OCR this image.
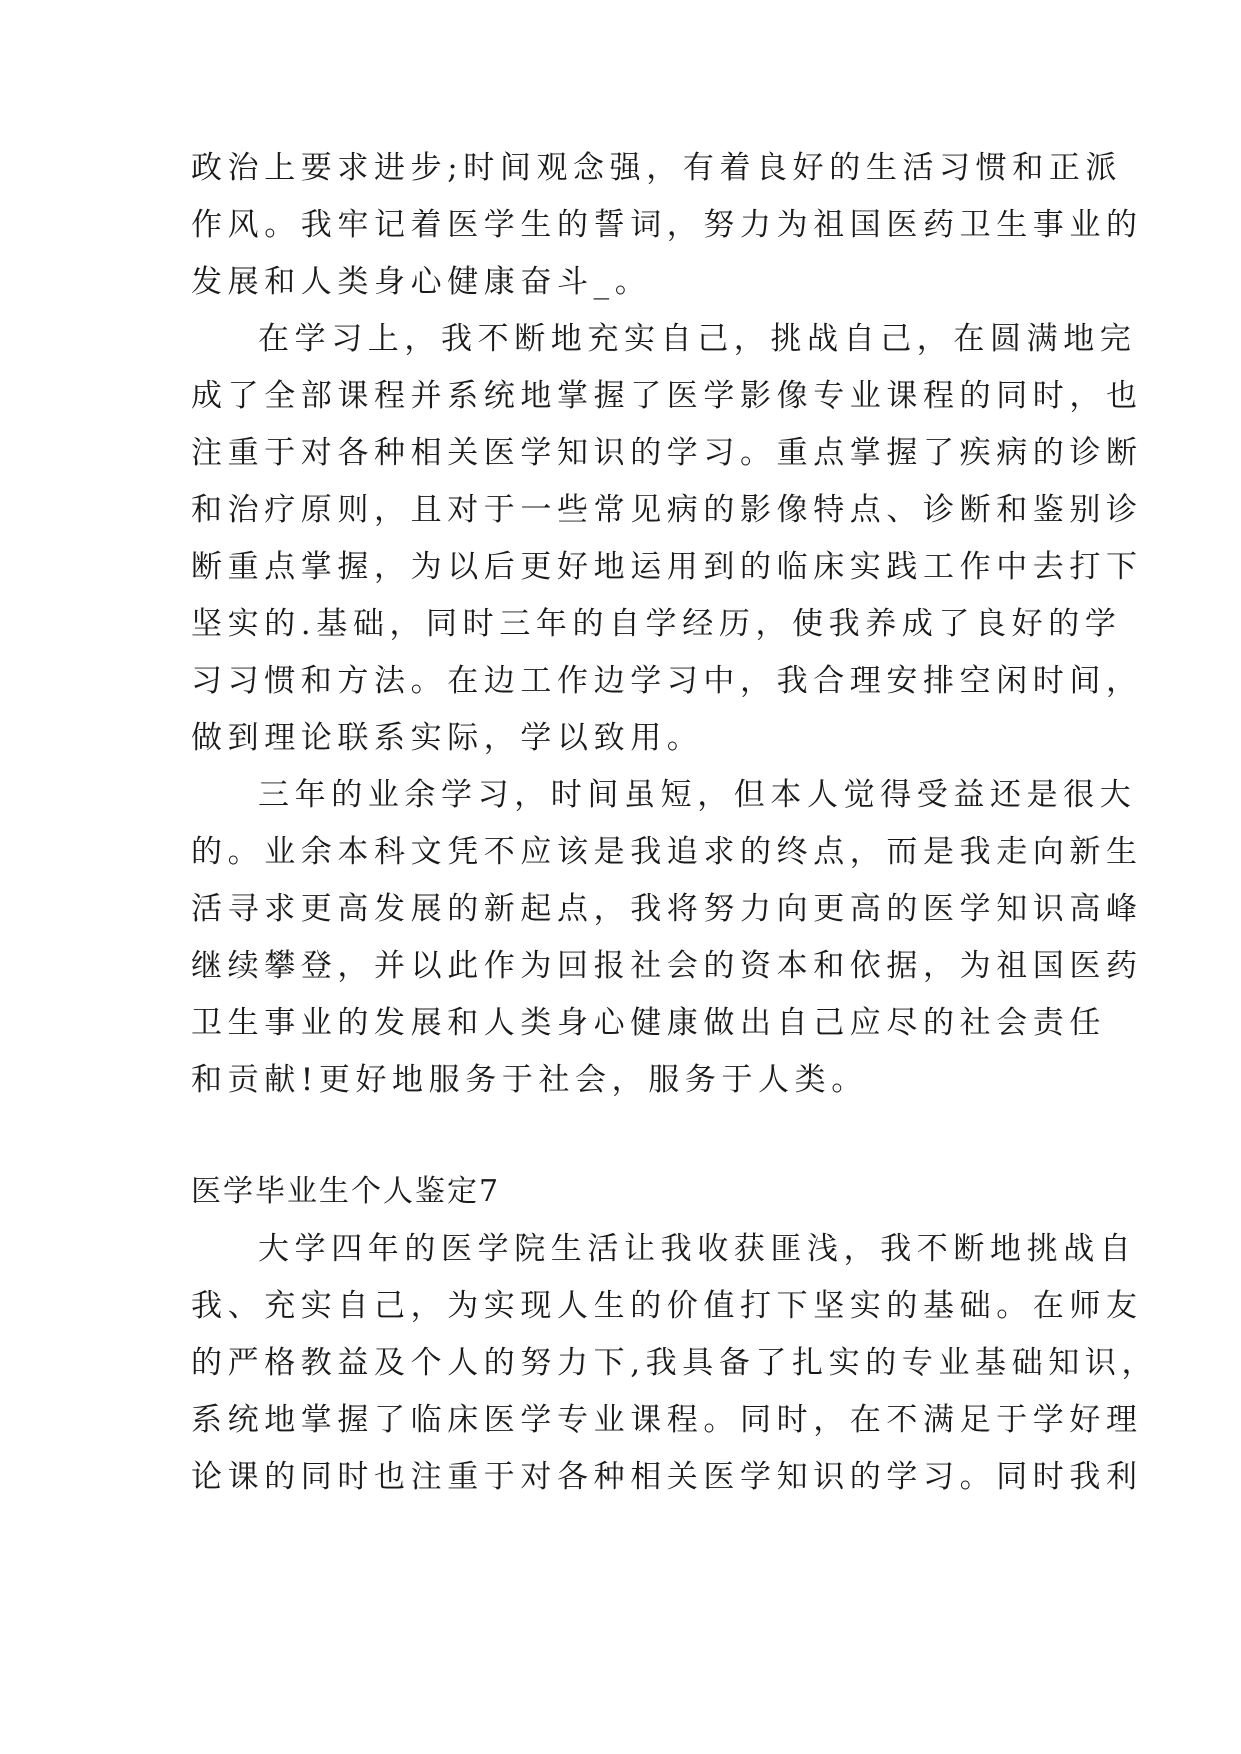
政治上要求进步;时间观念强，有着良好的生活习惯和正派
作风。我牢记着医学生的誓词，努力为祖国医药卫生事业的
发展和人类身心健康奋斗_。
在学习上，我不断地充实自己，挑战自己，在圆满地完
成了全部课程并系统地掌握了医学影像专业课程的同时，也
注重于对各种相关医学知识的学习。重点掌握了疾病的诊断
和治疗原则，且对于一些常见病的影像特点、诊断和鉴别诊
断重点掌握，为以后更好地运用到的临床实践工作中去打下
坚实的.基础，同时三年的自学经历，使我养成了良好的学
习习惯和方法。在边工作边学习中，我合理安排空闲时间，
做到理论联系实际，学以致用。
三年的业余学习，时间虽短，但本人觉得受益还是很大
的。业余本科文凭不应该是我追求的终点，而是我走向新生
活寻求更高发展的新起点，我将努力向更高的医学知识高峰
继续攀登，并以此作为回报社会的资本和依据，为祖国医药
卫生事业的发展和人类身心健康做出自己应尽的社会责任
和贡献!更好地服务于社会，服务于人类。
医学毕业生个人鉴定7
大学四年的医学院生活让我收获匪浅，我不断地挑战自
我、充实自己，为实现人生的价值打下坚实的基础。在师友
的严格教益及个人的努力下,我具备了扎实的专业基础知识，
系统地掌握了临床医学专业课程。同时，在不满足于学好理
论课的同时也注重于对各种相关医学知识的学习。同时我利
